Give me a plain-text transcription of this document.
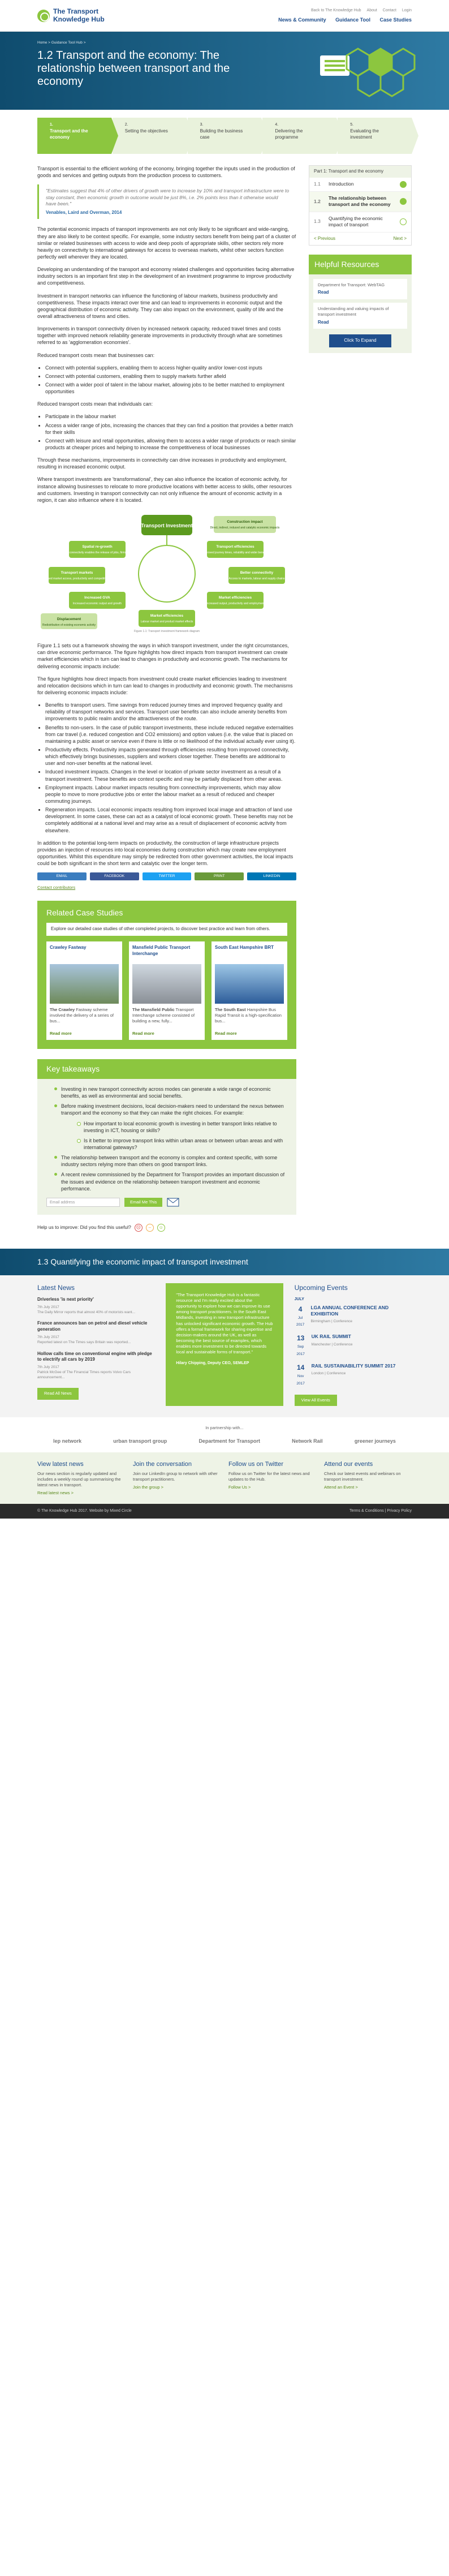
The Transport
Knowledge Hub
Back to The Knowledge Hub About Contact Login
News & Community Guidance Tool Case Studies
Home > Guidance Tool Hub >
1.2 Transport and the economy: The relationship between transport and the economy
1.
Transport and the economy
2.
Setting the objectives
3.
Building the business case
4.
Delivering the programme
5.
Evaluating the investment

Transport is essential to the efficient working of the economy, bringing together the inputs used in the production of goods and services and getting outputs from the production process to customers.

"Estimates suggest that 4% of other drivers of growth were to increase by 10% and transport infrastructure were to stay constant, then economic growth in outcome would be just 8%, i.e. 2% points less than it otherwise would have been."
Venables, Laird and Overman, 2014

The potential economic impacts of transport improvements are not only likely to be significant and wide-ranging, they are also likely to be context specific. For example, some industry sectors benefit from being part of a cluster of similar or related businesses with access to wide and deep pools of appropriate skills, other sectors rely more heavily on connectivity to international gateways for access to overseas markets, whilst other sectors function perfectly well wherever they are located.

Developing an understanding of the transport and economy related challenges and opportunities facing alternative industry sectors is an important first step in the development of an investment programme to improve productivity and competitiveness.

Investment in transport networks can influence the functioning of labour markets, business productivity and competitiveness. These impacts interact over time and can lead to improvements in economic output and the geographical distribution of economic activity. They can also impact on the environment, quality of life and the overall attractiveness of towns and cities.

Improvements in transport connectivity driven by increased network capacity, reduced travel times and costs together with improved network reliability generate improvements in productivity through what are sometimes referred to as 'agglomeration economies'.

Reduced transport costs mean that businesses can:

• Connect with potential suppliers, enabling them to access higher-quality and/or lower-cost inputs
• Connect with potential customers, enabling them to supply markets further afield
• Connect with a wider pool of talent in the labour market, allowing jobs to be better matched to employment opportunities

Reduced transport costs mean that individuals can:

• Participate in the labour market
• Access a wider range of jobs, increasing the chances that they can find a position that provides a better match for their skills
• Connect with leisure and retail opportunities, allowing them to access a wider range of products or reach similar products at cheaper prices and helping to increase the competitiveness of local businesses

Through these mechanisms, improvements in connectivity can drive increases in productivity and employment, resulting in increased economic output.

Where transport investments are 'transformational', they can also influence the location of economic activity, for instance allowing businesses to relocate to more productive locations with better access to skills, other resources and customers. Investing in transport connectivity can not only influence the amount of economic activity in a region, it can also influence where it is located.

Transport Investment
Construction impact
Direct, indirect, induced and catalytic economic impacts
Spatial re-growth
Improved connectivity enables the release of jobs, firms and land
Transport efficiencies
Improved journey times, reliability and wider benefits
Transport markets
Increased market access, productivity and competitiveness
Better connectivity
Access to markets, labour and supply chains
Increased GVA
Increased economic output and growth
Market efficiencies
Increased output, productivity and employment
Displacement
Redistribution of existing economic activity
Market efficiencies
Labour market and product market effects
Figure 1.1: Transport investment framework diagram

Figure 1.1 sets out a framework showing the ways in which transport investment, under the right circumstances, can drive economic performance. The figure highlights how direct impacts from transport investment can create market efficiencies which in turn can lead to changes in productivity and economic growth. The mechanisms for delivering economic impacts include:

The figure highlights how direct impacts from investment could create market efficiencies leading to investment and relocation decisions which in turn can lead to changes in productivity and economic growth. The mechanisms for delivering economic impacts include:

• Benefits to transport users. Time savings from reduced journey times and improved frequency quality and reliability of transport networks and services. Transport user benefits can also include amenity benefits from improvements to public realm and/or the attractiveness of the route.
• Benefits to non-users. In the case of public transport investments, these include reduced negative externalities from car travel (i.e. reduced congestion and CO2 emissions) and option values (i.e. the value that is placed on maintaining a public asset or service even if there is little or no likelihood of the individual actually ever using it).
• Productivity effects. Productivity impacts generated through efficiencies resulting from improved connectivity, which effectively brings businesses, suppliers and workers closer together. These benefits are additional to user and non-user benefits at the national level.
• Induced investment impacts. Changes in the level or location of private sector investment as a result of a transport investment. These benefits are context specific and may be partially displaced from other areas.
• Employment impacts. Labour market impacts resulting from connectivity improvements, which may allow people to move to more productive jobs or enter the labour market as a result of reduced and cheaper commuting journeys.
• Regeneration impacts. Local economic impacts resulting from improved local image and attraction of land use development. In some cases, these can act as a catalyst of local economic growth. These benefits may not be completely additional at a national level and may arise as a result of displacement of economic activity from elsewhere.

In addition to the potential long-term impacts on productivity, the construction of large infrastructure projects provides an injection of resources into local economies during construction which may create new employment opportunities. Whilst this expenditure may simply be redirected from other government activities, the local impacts could be both significant in the short term and catalytic over the longer term.

EMAIL	FACEBOOK	TWITTER	PRINT	LINKEDIN
Contact contributors
Related Case Studies
Explore our detailed case studies of other completed projects, to discover best practice and learn from others.
Crawley Fastway
The Crawley Fastway scheme involved the delivery of a series of bus...
Read more
Mansfield Public Transport Interchange
The Mansfield Public Transport Interchange scheme consisted of building a new, fully...
Read more
South East Hampshire BRT
The South East Hampshire Bus Rapid Transit is a high-specification bus...
Read more
Key takeaways
Investing in new transport connectivity across modes can generate a wide range of economic benefits, as well as environmental and social benefits.
Before making investment decisions, local decision-makers need to understand the nexus between transport and the economy so that they can make the right choices. For example:
How important to local economic growth is investing in better transport links relative to investing in ICT, housing or skills?
Is it better to improve transport links within urban areas or between urban areas and with international gateways?
The relationship between transport and the economy is complex and context specific, with some industry sectors relying more than others on good transport links.
A recent review commissioned by the Department for Transport provides an important discussion of the issues and evidence on the relationship between transport investment and economic performance.
Email address	Email Me This
Help us to improve: Did you find this useful?	☹	–	☺
Part 1: Transport and the economy
1.1	Introduction
1.2
The relationship between transport and the economy
1.3
Quantifying the economic impact of transport
< Previous	Next >
Helpful Resources
Department for Transport: WebTAG
Read
Understanding and valuing impacts of transport investment
Read
Click To Expand
1.3 Quantifying the economic impact of transport investment
Latest News
Driverless 'is next priority'
7th July 2017
The Daily Mirror reports that almost 40% of motorists want...
France announces ban on petrol and diesel vehicle generation
7th July 2017
Reported latest on The Times says Britain was reported...
Hollow calls time on conventional engine with pledge to electrify all cars by 2019
7th July 2017
Patrick McGee of The Financial Times reports Volvo Cars announcement...
Read All News
"The Transport Knowledge Hub is a fantastic resource and I'm really excited about the opportunity to explore how we can improve its use among transport practitioners. In the South East Midlands, investing in new transport infrastructure has unlocked significant economic growth. The Hub offers a formal framework for sharing expertise and decision-makers around the UK, as well as becoming the best source of examples, which enables more investment to be directed towards local and sustainable forms of transport."
Hilary Chipping, Deputy CEO, SEMLEP
Upcoming Events
JULY
4
Jul 2017
LGA ANNUAL CONFERENCE AND EXHIBITION
Birmingham | Conference
13
Sep 2017
UK RAIL SUMMIT
Manchester | Conference
14
Nov 2017
RAIL SUSTAINABILITY SUMMIT 2017
London | Conference
View All Events
In partnership with...
lep network	urban transport group	Department for Transport	Network Rail	greener journeys
View latest news
Our news section is regularly updated and includes a weekly round up summarising the latest news in transport.
Read latest news >
Join the conversation
Join our LinkedIn group to network with other transport practitioners.
Join the group >
Follow us on Twitter
Follow us on Twitter for the latest news and updates to the Hub.
Follow Us >
Attend our events
Check our latest events and webinars on transport investment.
Attend an Event >
© The Knowledge Hub 2017. Website by Mixed Circle	Terms & Conditions | Privacy Policy
